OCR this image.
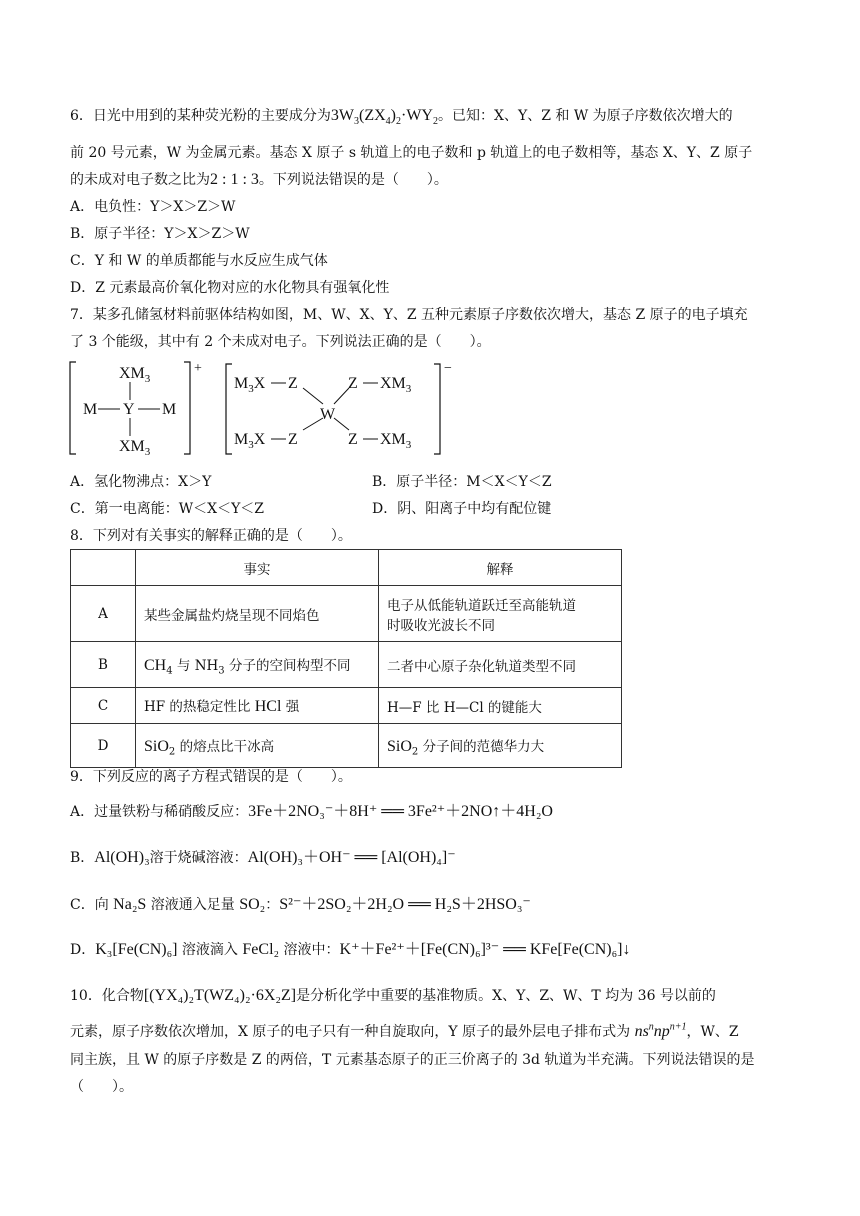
6．日光中用到的某种荧光粉的主要成分为$3W_3(ZX_4)_2\cdot WY_2$。已知：X、Y、Z 和 W 为原子序数依次增大的
前 20 号元素，W 为金属元素。基态 X 原子 s 轨道上的电子数和 p 轨道上的电子数相等，基态 X、Y、Z 原子
的未成对电子数之比为2 : 1 : 3。下列说法错误的是（　　）。
A．电负性：Y＞X＞Z＞W
B．原子半径：Y＞X＞Z＞W
C．Y 和 W 的单质都能与水反应生成气体
D．Z 元素最高价氧化物对应的水化物具有强氧化性
7．某多孔储氢材料前驱体结构如图，M、W、X、Y、Z 五种元素原子序数依次增大，基态 Z 原子的电子填充
了 3 个能级，其中有 2 个未成对电子。下列说法正确的是（　　）。
+
$XM_3$
M Y M
$XM_3$
−
$M_3X$ Z	Z $XM_3$
W
$M_3X$ Z	Z $XM_3$
A．氢化物沸点：X＞Y	B．原子半径：M＜X＜Y＜Z
C．第一电离能：W＜X＜Y＜Z	D．阴、阳离子中均有配位键
8．下列对有关事实的解释正确的是（　　）。
	事实	解释
A	某些金属盐灼烧呈现不同焰色	电子从低能轨道跃迁至高能轨道
时吸收光波长不同

B	$CH_4$ 与 $NH_3$ 分子的空间构型不同	二者中心原子杂化轨道类型不同
C	HF 的热稳定性比 HCl 强	H—F 比 H—Cl 的键能大
D	SiO$_2$ 的熔点比干冰高	SiO$_2$ 分子间的范德华力大
9．下列反应的离子方程式错误的是（　　）。
A．过量铁粉与稀硝酸反应：3Fe＋2NO₃⁻＋8H⁺ ══ 3Fe²⁺＋2NO↑＋4H₂O
B．Al(OH)₃溶于烧碱溶液：Al(OH)₃＋OH⁻ ══ [Al(OH)₄]⁻
C．向 Na₂S 溶液通入足量 SO₂：S²⁻＋2SO₂＋2H₂O ══ H₂S＋2HSO₃⁻
D．K₃[Fe(CN)₆] 溶液滴入 FeCl₂ 溶液中：K⁺＋Fe²⁺＋[Fe(CN)₆]³⁻ ══ KFe[Fe(CN)₆]↓
10．化合物[(YX₄)₂T(WZ₄)₂·6X₂Z]是分析化学中重要的基准物质。X、Y、Z、W、T 均为 36 号以前的
元素，原子序数依次增加，X 原子的电子只有一种自旋取向，Y 原子的最外层电子排布式为 $ns^nnp^{n+1}$，W、Z
同主族，且 W 的原子序数是 Z 的两倍，T 元素基态原子的正三价离子的 3d 轨道为半充满。下列说法错误的是
（　　）。
